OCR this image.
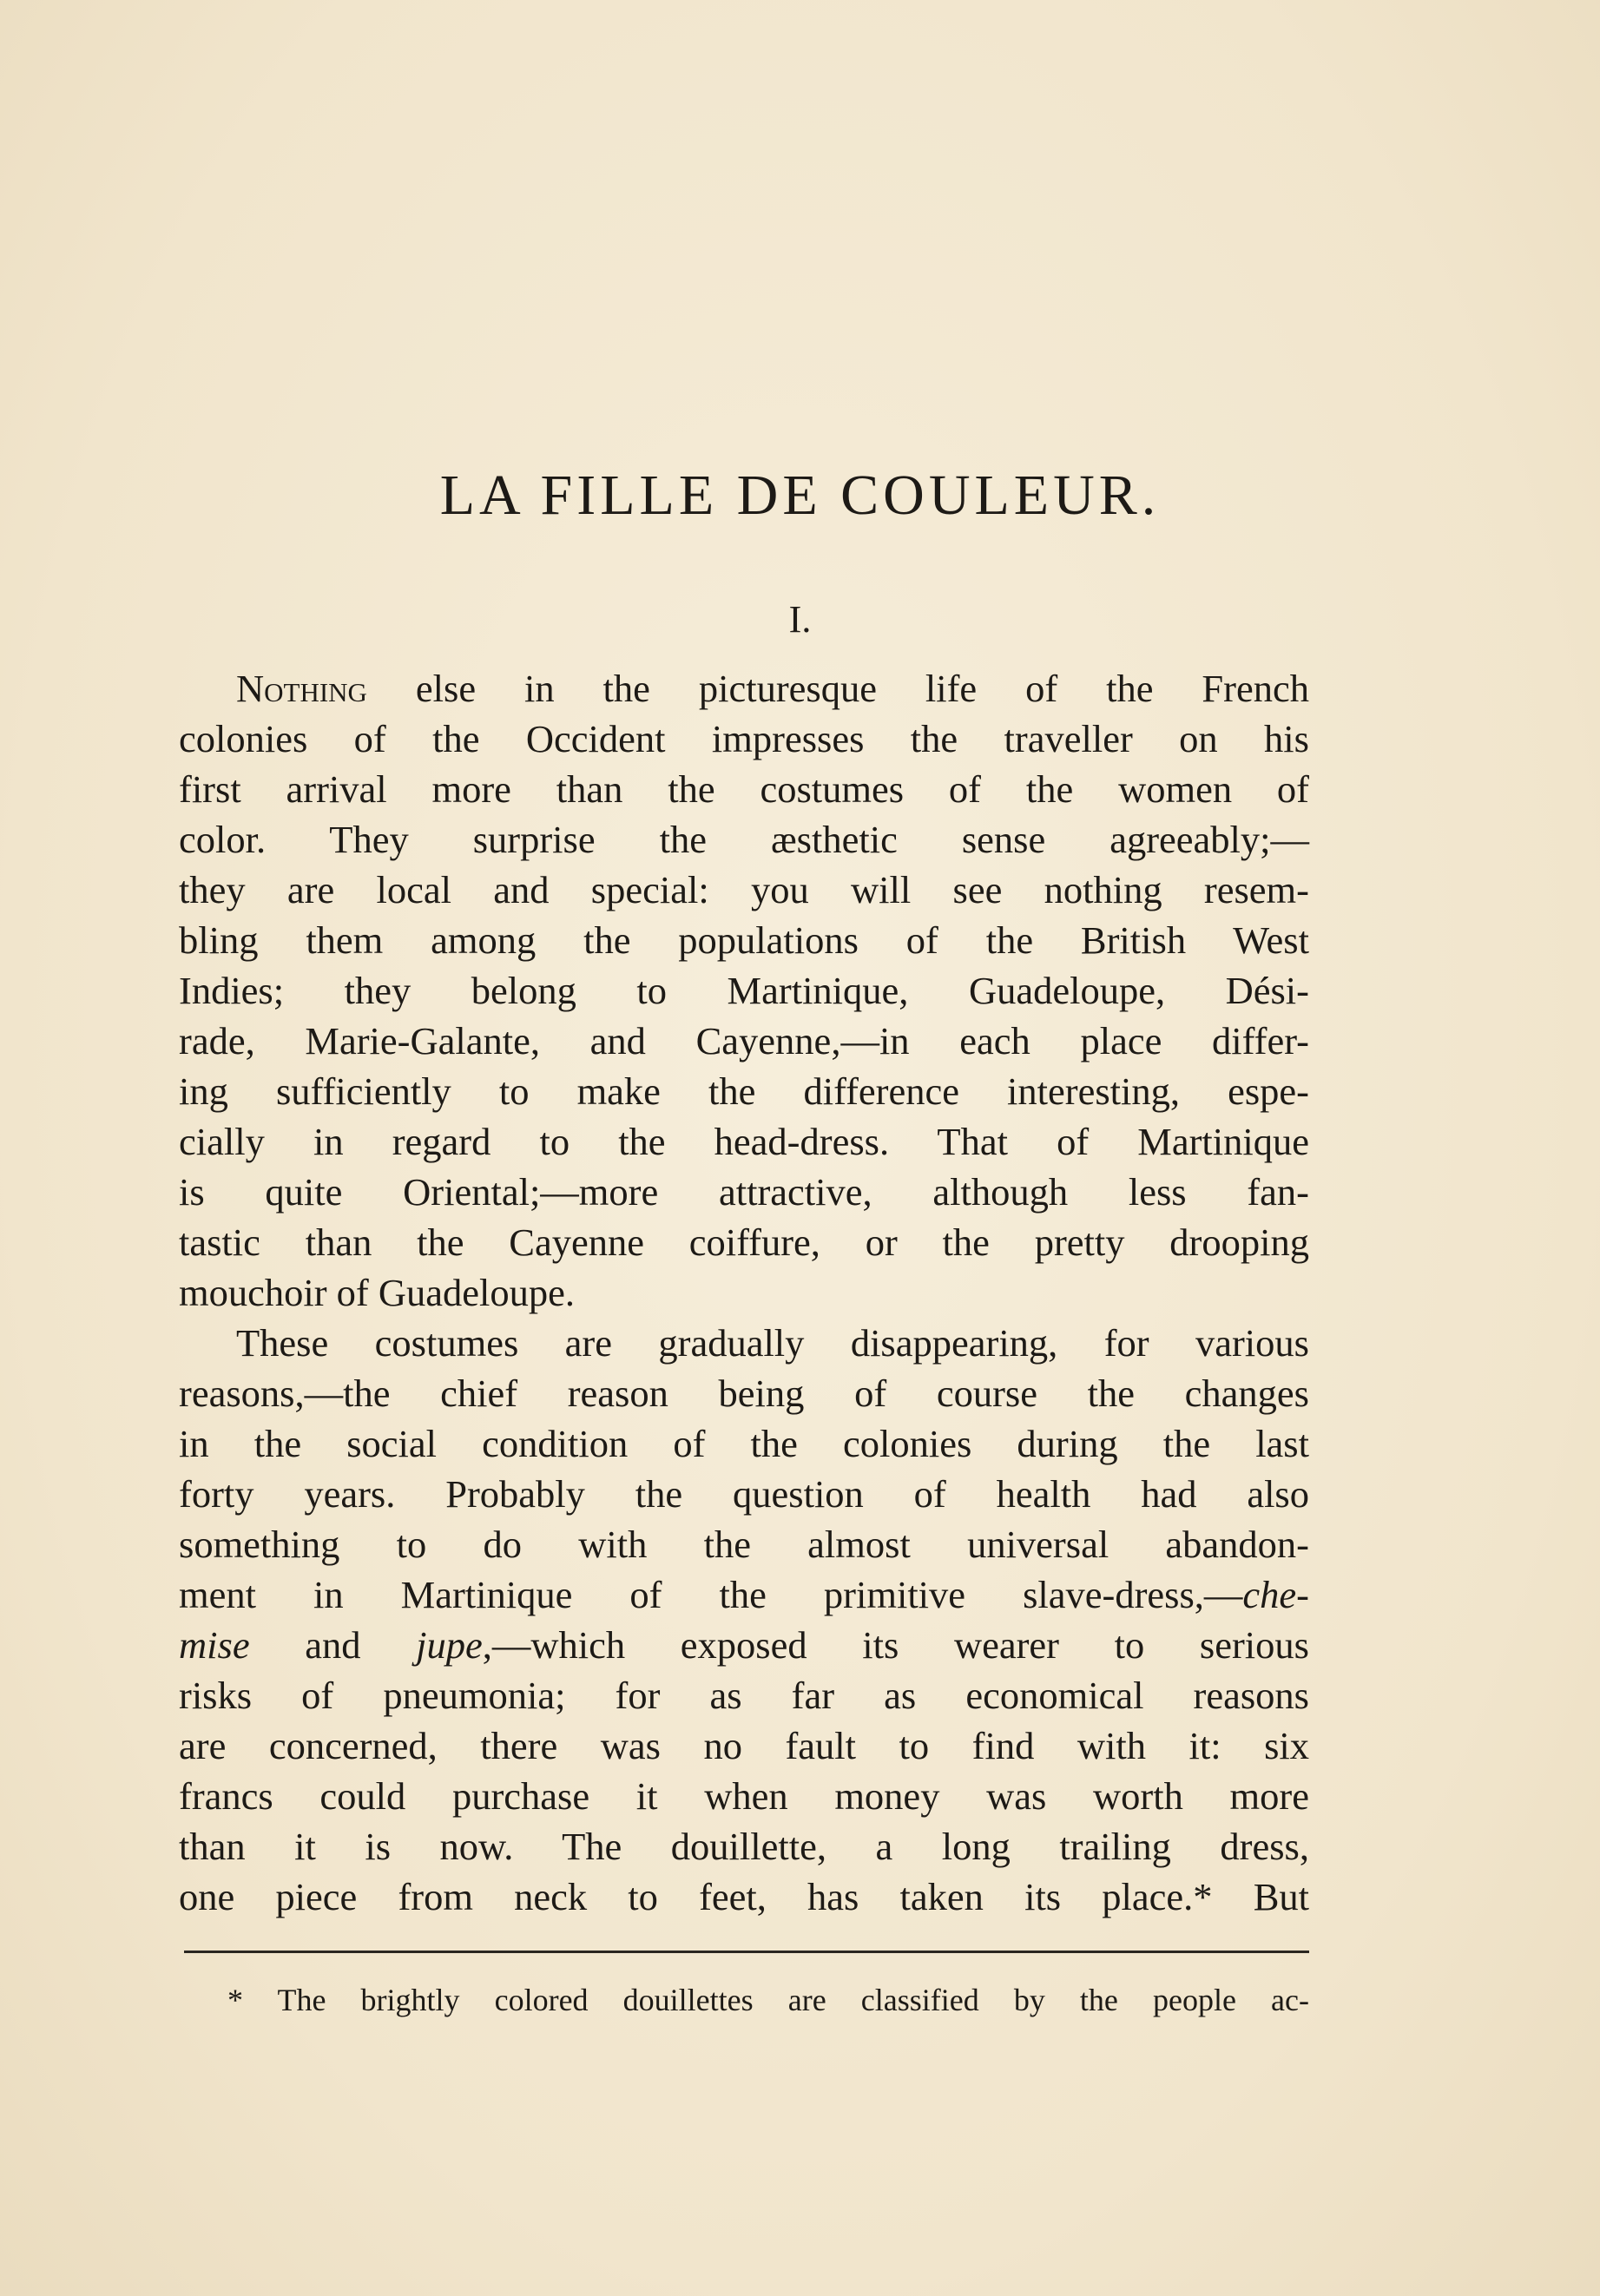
LA FILLE DE COULEUR.
I.
Nothing else in the picturesque life of the French
colonies of the Occident impresses the traveller on his
first arrival more than the costumes of the women of
color. They surprise the æsthetic sense agreeably;—
they are local and special: you will see nothing resem-
bling them among the populations of the British West
Indies; they belong to Martinique, Guadeloupe, Dési-
rade, Marie-Galante, and Cayenne,—in each place differ-
ing sufficiently to make the difference interesting, espe-
cially in regard to the head-dress. That of Martinique
is quite Oriental;—more attractive, although less fan-
tastic than the Cayenne coiffure, or the pretty drooping
mouchoir of Guadeloupe.
These costumes are gradually disappearing, for various
reasons,—the chief reason being of course the changes
in the social condition of the colonies during the last
forty years. Probably the question of health had also
something to do with the almost universal abandon-
ment in Martinique of the primitive slave-dress,—che-
mise and jupe,—which exposed its wearer to serious
risks of pneumonia; for as far as economical reasons
are concerned, there was no fault to find with it: six
francs could purchase it when money was worth more
than it is now. The douillette, a long trailing dress,
one piece from neck to feet, has taken its place.* But
* The brightly colored douillettes are classified by the people ac-
